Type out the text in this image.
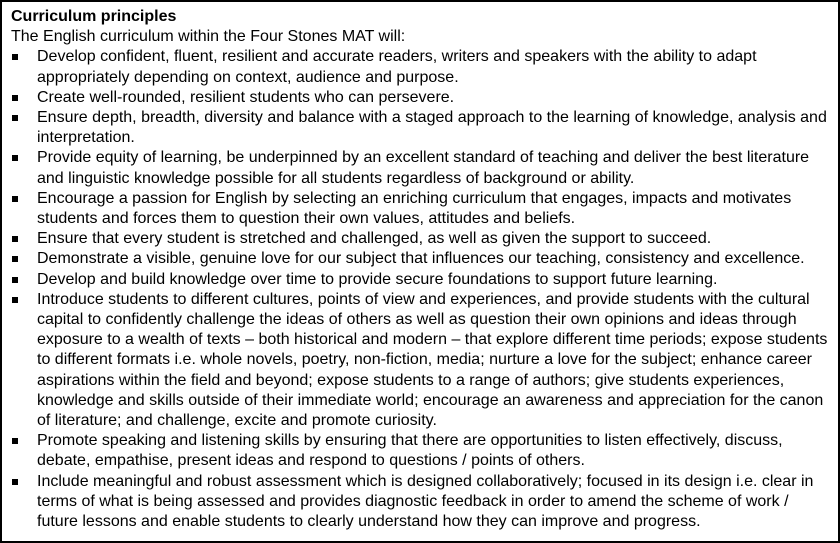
Curriculum principles

The English curriculum within the Four Stones MAT will:

Develop confident, fluent, resilient and accurate readers, writers and speakers with the ability to adapt appropriately depending on context, audience and purpose.
Create well-rounded, resilient students who can persevere.
Ensure depth, breadth, diversity and balance with a staged approach to the learning of knowledge, analysis and interpretation.
Provide equity of learning, be underpinned by an excellent standard of teaching and deliver the best literature and linguistic knowledge possible for all students regardless of background or ability.
Encourage a passion for English by selecting an enriching curriculum that engages, impacts and motivates students and forces them to question their own values, attitudes and beliefs.
Ensure that every student is stretched and challenged, as well as given the support to succeed.
Demonstrate a visible, genuine love for our subject that influences our teaching, consistency and excellence.
Develop and build knowledge over time to provide secure foundations to support future learning.
Introduce students to different cultures, points of view and experiences, and provide students with the cultural capital to confidently challenge the ideas of others as well as question their own opinions and ideas through exposure to a wealth of texts – both historical and modern – that explore different time periods; expose students to different formats i.e. whole novels, poetry, non-fiction, media; nurture a love for the subject; enhance career aspirations within the field and beyond; expose students to a range of authors; give students experiences, knowledge and skills outside of their immediate world; encourage an awareness and appreciation for the canon of literature; and challenge, excite and promote curiosity.
Promote speaking and listening skills by ensuring that there are opportunities to listen effectively, discuss, debate, empathise, present ideas and respond to questions / points of others.
Include meaningful and robust assessment which is designed collaboratively; focused in its design i.e. clear in terms of what is being assessed and provides diagnostic feedback in order to amend the scheme of work / future lessons and enable students to clearly understand how they can improve and progress.
